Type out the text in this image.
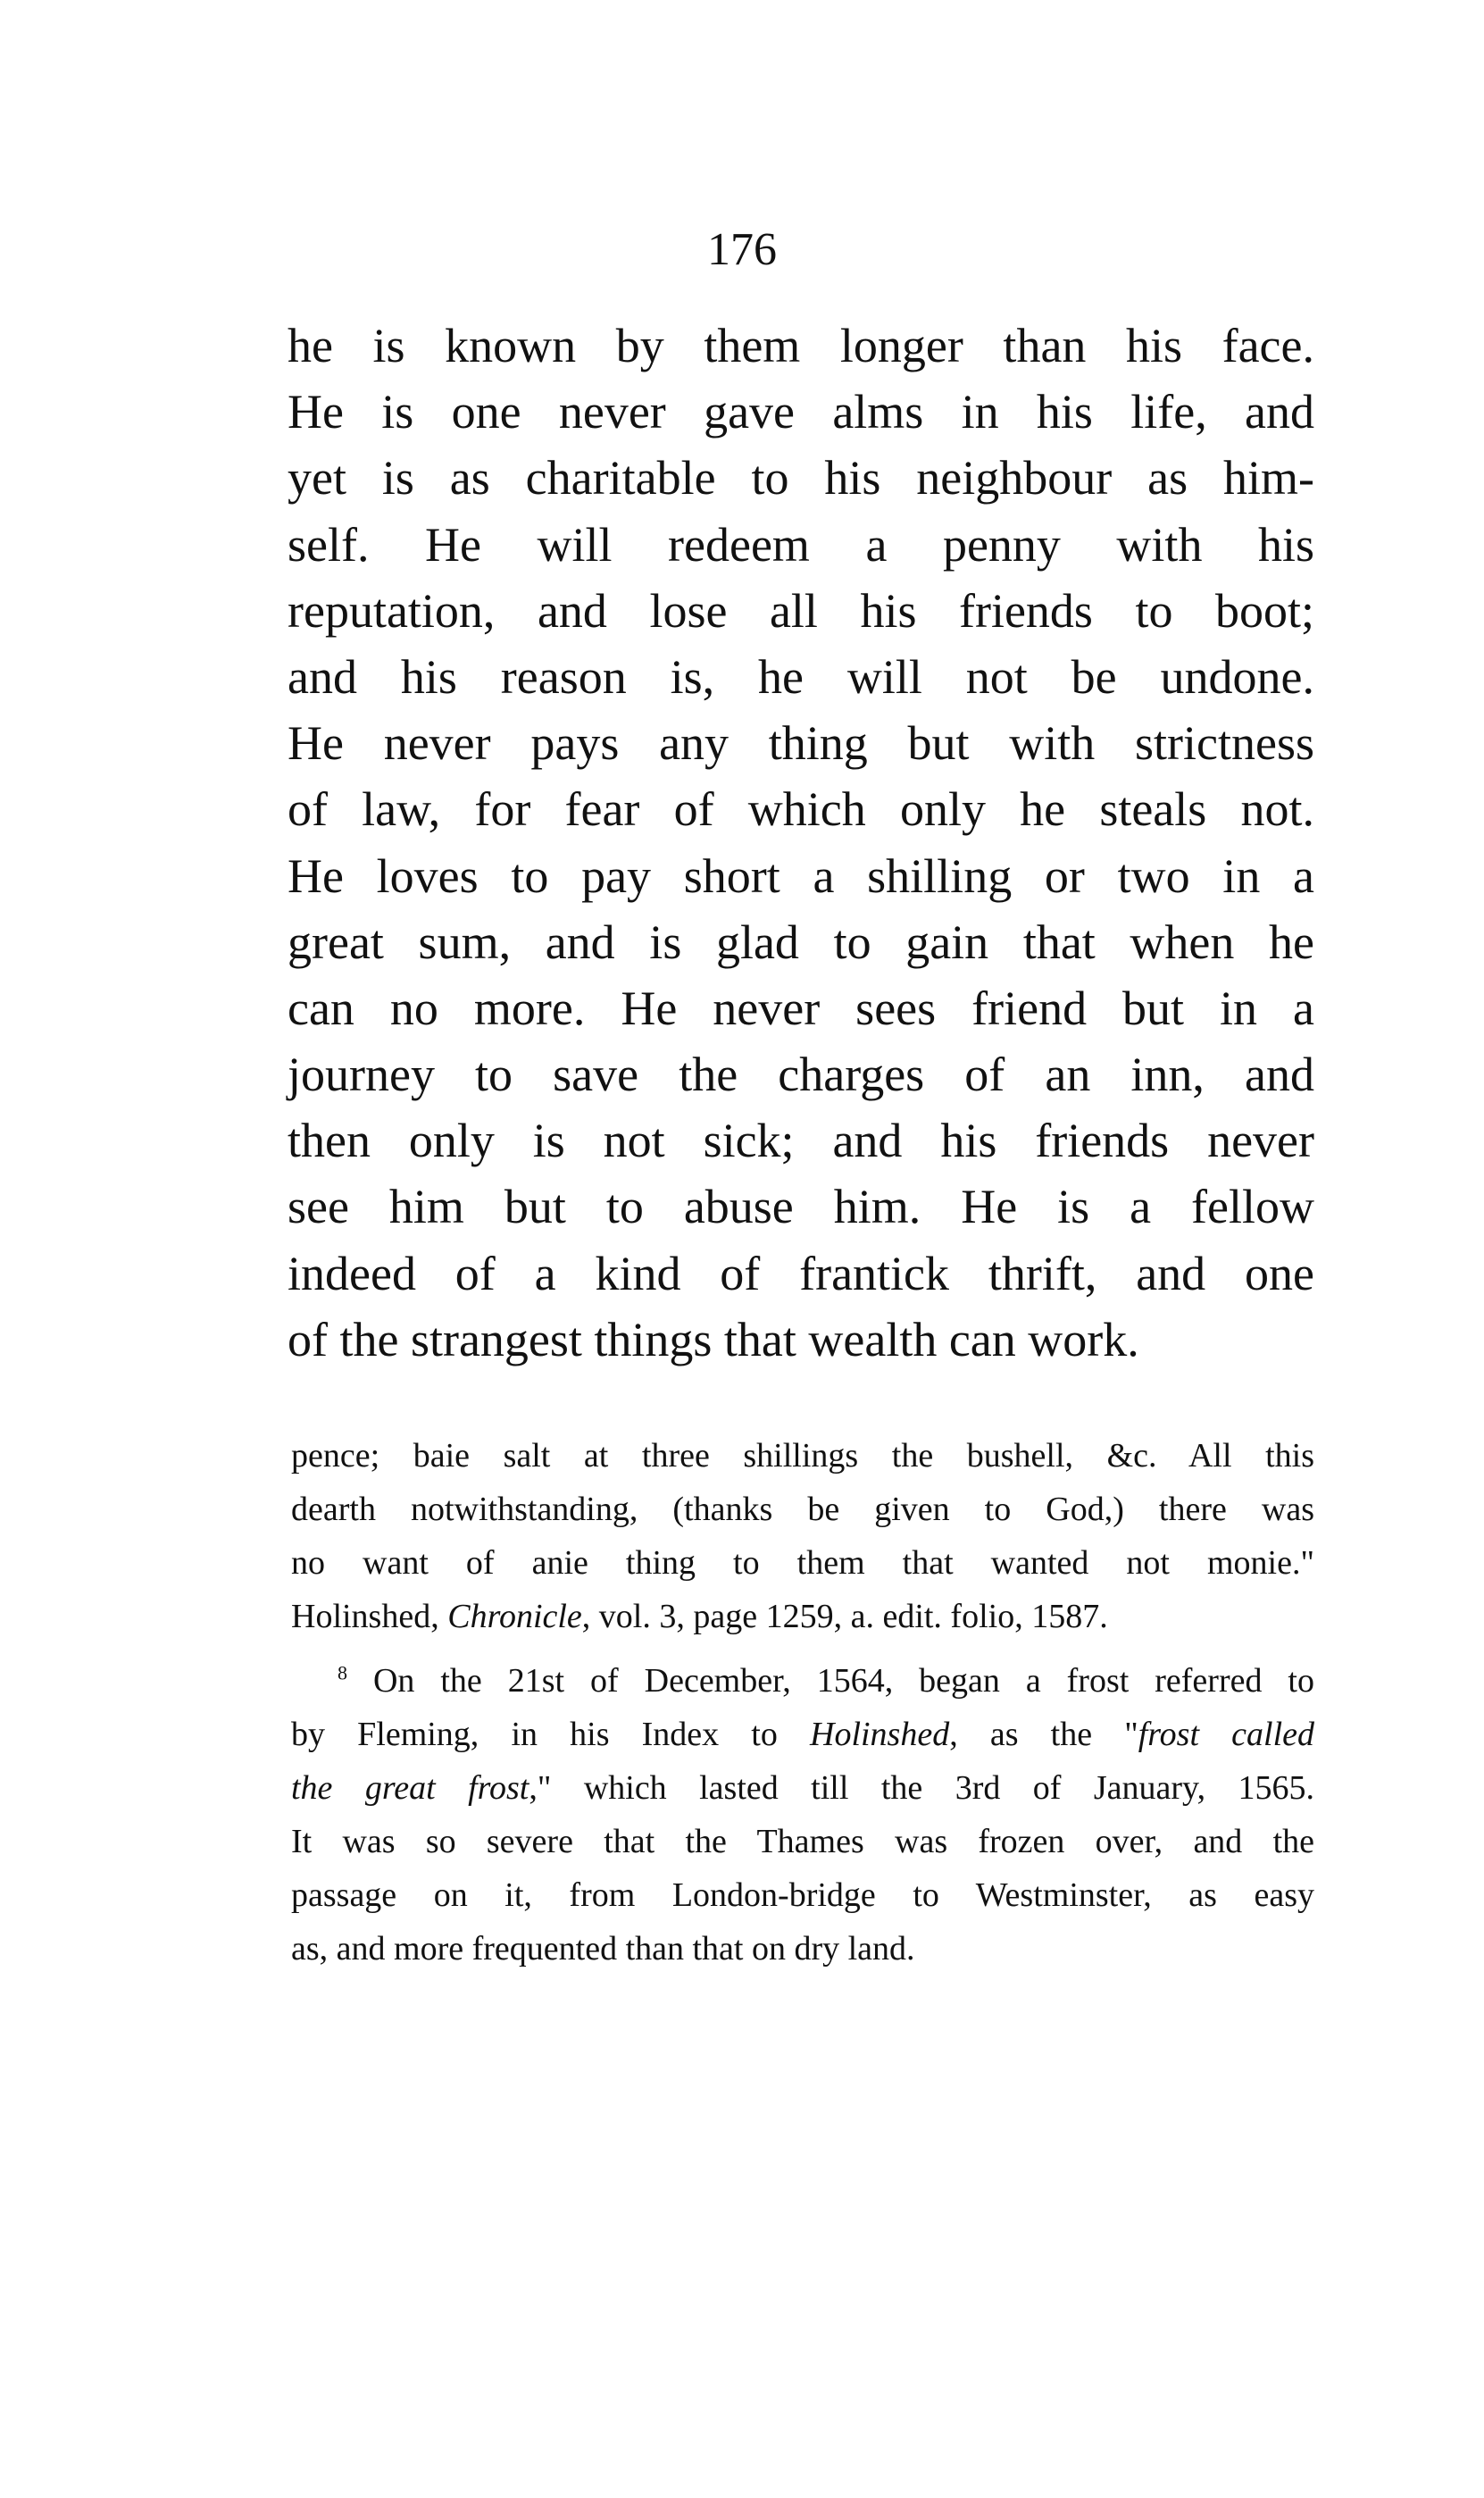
176
he is known by them longer than his face.
He is one never gave alms in his life, and
yet is as charitable to his neighbour as him-
self. He will redeem a penny with his
reputation, and lose all his friends to boot;
and his reason is, he will not be undone.
He never pays any thing but with strictness
of law, for fear of which only he steals not.
He loves to pay short a shilling or two in a
great sum, and is glad to gain that when he
can no more. He never sees friend but in a
journey to save the charges of an inn, and
then only is not sick; and his friends never
see him but to abuse him. He is a fellow
indeed of a kind of frantick thrift, and one
of the strangest things that wealth can work.
pence; baie salt at three shillings the bushell, &c. All this
dearth notwithstanding, (thanks be given to God,) there was
no want of anie thing to them that wanted not monie."
Holinshed, Chronicle, vol. 3, page 1259, a. edit. folio, 1587.
$^8$ On the 21st of December, 1564, began a frost referred to
by Fleming, in his Index to Holinshed, as the "frost called
the great frost," which lasted till the 3rd of January, 1565.
It was so severe that the Thames was frozen over, and the
passage on it, from London-bridge to Westminster, as easy
as, and more frequented than that on dry land.
